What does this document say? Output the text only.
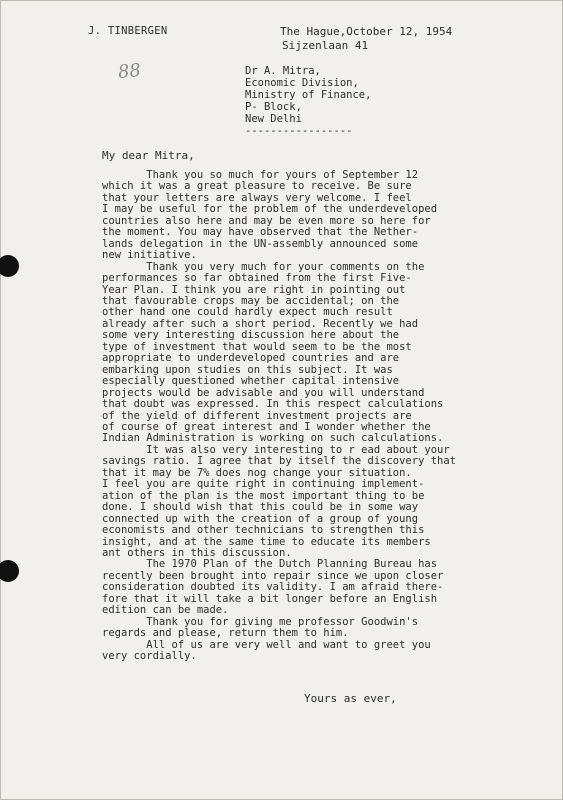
J. TINBERGEN	The Hague,October 12, 1954
Sijzenlaan 41
88	Dr A. Mitra,
Economic Division,
Ministry of Finance,
P- Block,
New Delhi
-----------------
My dear Mitra,
Thank you so much for yours of September 12
which it was a great pleasure to receive. Be sure
that your letters are always very welcome. I feel
I may be useful for the problem of the underdeveloped
countries also here and may be even more so here for
the moment. You may have observed that the Nether-
lands delegation in the UN-assembly announced some
new initiative.
Thank you very much for your comments on the
performances so far obtained from the first Five-
Year Plan. I think you are right in pointing out
that favourable crops may be accidental; on the
other hand one could hardly expect much result
already after such a short period. Recently we had
some very interesting discussion here about the
type of investment that would seem to be the most
appropriate to underdeveloped countries and are
embarking upon studies on this subject. It was
especially questioned whether capital intensive
projects would be advisable and you will understand
that doubt was expressed. In this respect calculations
of the yield of different investment projects are
of course of great interest and I wonder whether the
Indian Administration is working on such calculations.
It was also very interesting to r ead about your
savings ratio. I agree that by itself the discovery that
that it may be 7% does nog change your situation.
I feel you are quite right in continuing implement-
ation of the plan is the most important thing to be
done. I should wish that this could be in some way
connected up with the creation of a group of young
economists and other technicians to strengthen this
insight, and at the same time to educate its members
ant others in this discussion.
The 1970 Plan of the Dutch Planning Bureau has
recently been brought into repair since we upon closer
consideration doubted its validity. I am afraid there-
fore that it will take a bit longer before an English
edition can be made.
Thank you for giving me professor Goodwin's
regards and please, return them to him.
All of us are very well and want to greet you
very cordially.
Yours as ever,
